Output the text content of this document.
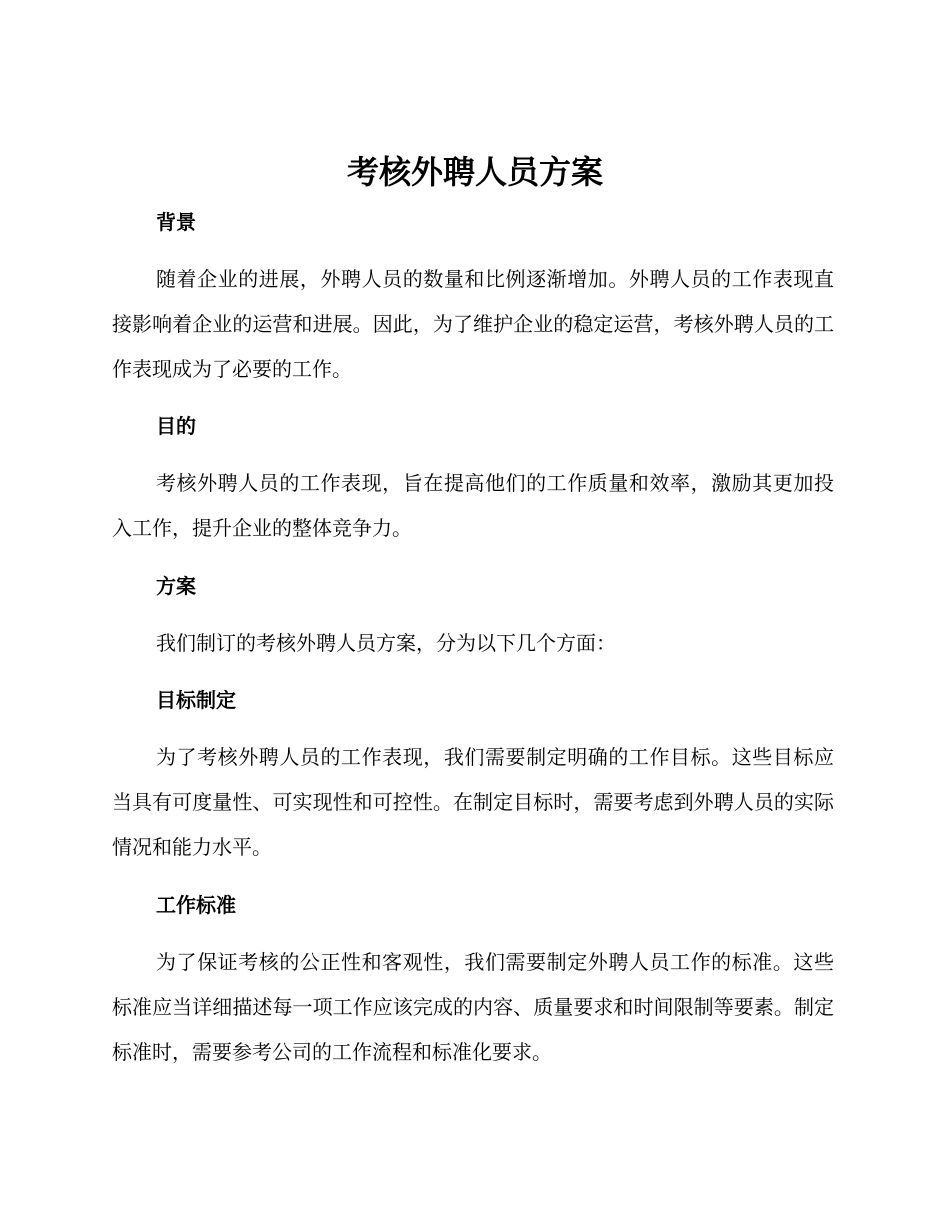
考核外聘人员方案
背景
随着企业的进展，外聘人员的数量和比例逐渐增加。外聘人员的工作表现直接影响着企业的运营和进展。因此，为了维护企业的稳定运营，考核外聘人员的工作表现成为了必要的工作。
目的
考核外聘人员的工作表现，旨在提高他们的工作质量和效率，激励其更加投入工作，提升企业的整体竞争力。
方案
我们制订的考核外聘人员方案，分为以下几个方面：
目标制定
为了考核外聘人员的工作表现，我们需要制定明确的工作目标。这些目标应当具有可度量性、可实现性和可控性。在制定目标时，需要考虑到外聘人员的实际情况和能力水平。
工作标准
为了保证考核的公正性和客观性，我们需要制定外聘人员工作的标准。这些标准应当详细描述每一项工作应该完成的内容、质量要求和时间限制等要素。制定标准时，需要参考公司的工作流程和标准化要求。
